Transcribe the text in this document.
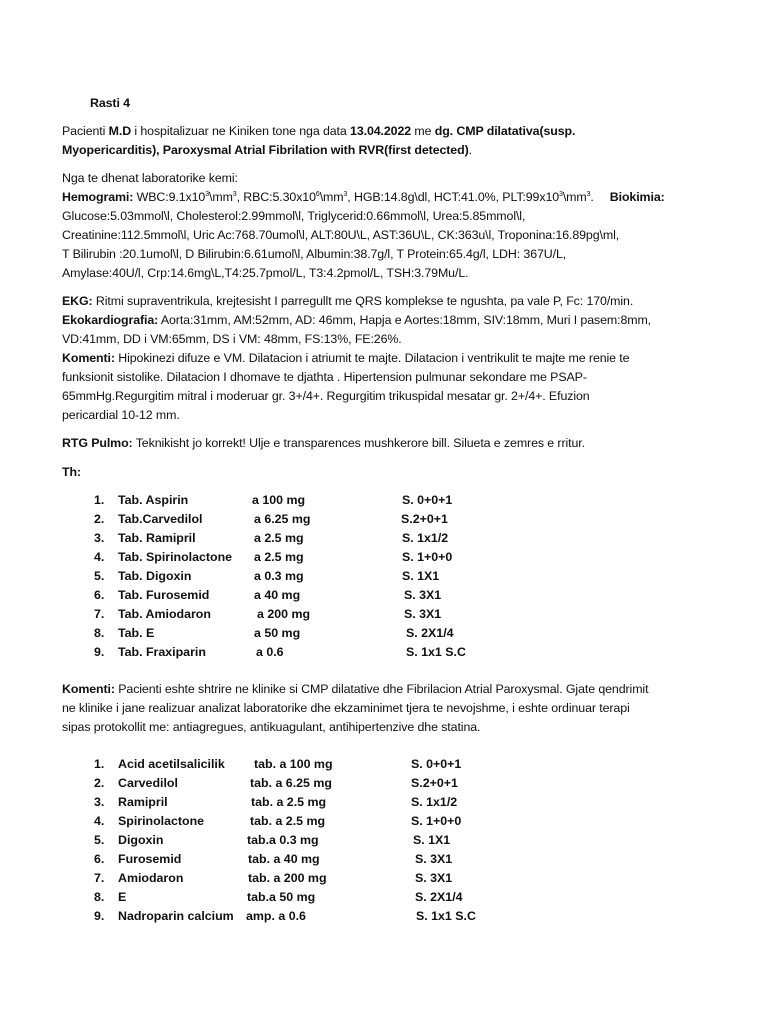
Rasti 4
Pacienti M.D i hospitalizuar ne Kiniken tone nga data 13.04.2022 me dg. CMP dilatativa(susp.
Myopericarditis), Paroxysmal Atrial Fibrilation with RVR(first detected).
Nga te dhenat laboratorike kemi:
Hemogrami: $WBC:9.1x10^3\backslash mm^3$, $RBC:5.30x10^6\backslash mm^3$, HGB:14.8g\dl, HCT:41.0%, $PLT:99x10^3\backslash mm^3$. Biokimia:
Glucose:5.03mmol\l, Cholesterol:2.99mmol\l, Triglycerid:0.66mmol\l, Urea:5.85mmol\l,
Creatinine:112.5mmol\l, Uric Ac:768.70umol\l, ALT:80U\L, AST:36U\L, CK:363u\l, Troponina:16.89pg\ml,
T Bilirubin :20.1umol\l, D Bilirubin:6.61umol\l, Albumin:38.7g/l, T Protein:65.4g/l, LDH: 367U/L,
Amylase:40U/l, Crp:14.6mg\L,T4:25.7pmol/L, T3:4.2pmol/L, TSH:3.79Mu/L.
EKG: Ritmi supraventrikula, krejtesisht I parregullt me QRS komplekse te ngushta, pa vale P, Fc: 170/min.
Ekokardiografia: Aorta:31mm, AM:52mm, AD: 46mm, Hapja e Aortes:18mm, SIV:18mm, Muri I pasem:8mm,
VD:41mm, DD i VM:65mm, DS i VM: 48mm, FS:13%, FE:26%.
Komenti: Hipokinezi difuze e VM. Dilatacion i atriumit te majte. Dilatacion i ventrikulit te majte me renie te
funksionit sistolike. Dilatacion I dhomave te djathta . Hipertension pulmunar sekondare me PSAP-
65mmHg.Regurgitim mitral i moderuar gr. 3+/4+. Regurgitim trikuspidal mesatar gr. 2+/4+. Efuzion
pericardial 10-12 mm.
RTG Pulmo: Teknikisht jo korrekt! Ulje e transparences mushkerore bill. Silueta e zemres e rritur.
Th:
1. Tab. Aspirin	a 100 mg	S. 0+0+1
2. Tab.Carvedilol	a 6.25 mg	S.2+0+1
3. Tab. Ramipril	a 2.5 mg	S. 1x1/2
4. Tab. Spirinolactone a 2.5 mg	S. 1+0+0
5. Tab. Digoxin	a 0.3 mg	S. 1X1
6. Tab. Furosemid	a 40 mg	S. 3X1
7. Tab. Amiodaron	a 200 mg	S. 3X1
8. Tab. E	a 50 mg	S. 2X1/4
9. Tab. Fraxiparin	a 0.6	S. 1x1 S.C
Komenti: Pacienti eshte shtrire ne klinike si CMP dilatative dhe Fibrilacion Atrial Paroxysmal. Gjate qendrimit
ne klinike i jane realizuar analizat laboratorike dhe ekzaminimet tjera te nevojshme, i eshte ordinuar terapi
sipas protokollit me: antiagregues, antikuagulant, antihipertenzive dhe statina.
1. Acid acetilsalicilik tab. a 100 mg	S. 0+0+1
2. Carvedilol	tab. a 6.25 mg	S.2+0+1
3. Ramipril	tab. a 2.5 mg	S. 1x1/2
4. Spirinolactone	tab. a 2.5 mg	S. 1+0+0
5. Digoxin	tab.a 0.3 mg	S. 1X1
6. Furosemid	tab. a 40 mg	S. 3X1
7. Amiodaron	tab. a 200 mg	S. 3X1
8. E	tab.a 50 mg	S. 2X1/4
9. Nadroparin calcium amp. a 0.6	S. 1x1 S.C
